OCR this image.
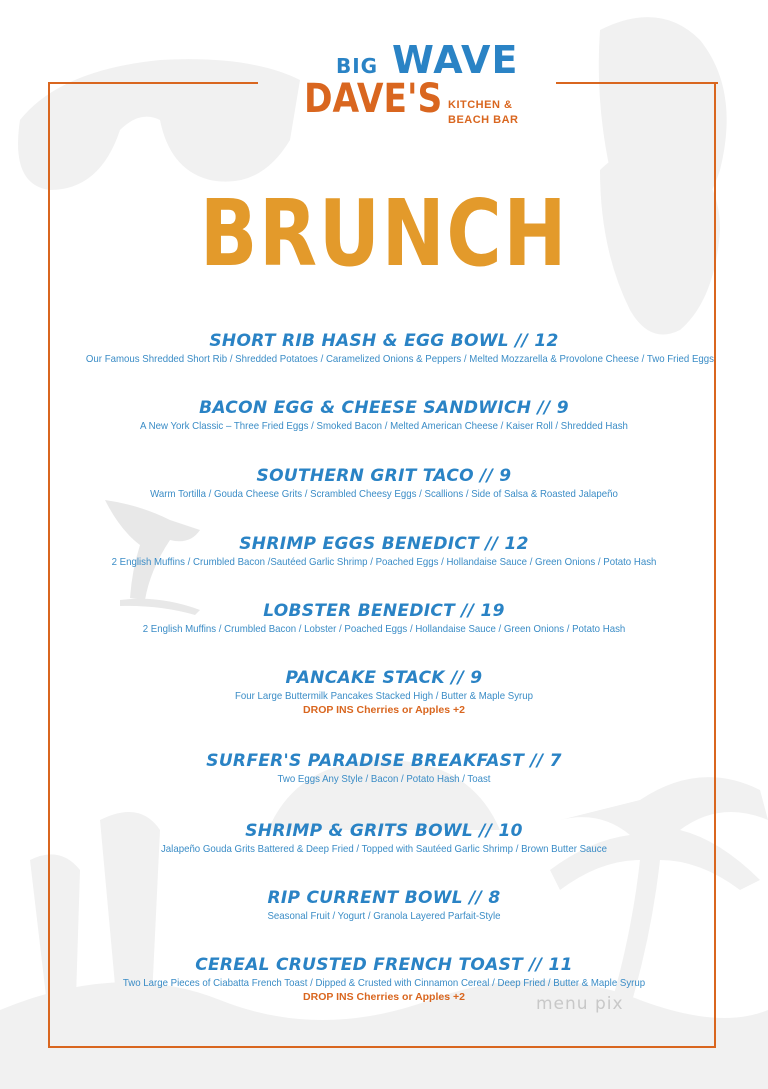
BIG WAVE
DAVE'S KITCHEN &
BEACH BAR
BRUNCH
SHORT RIB HASH & EGG BOWL // 12
Our Famous Shredded Short Rib / Shredded Potatoes / Caramelized Onions & Peppers / Melted Mozzarella & Provolone Cheese / Two Fried Eggs
BACON EGG & CHEESE SANDWICH // 9
A New York Classic – Three Fried Eggs / Smoked Bacon / Melted American Cheese / Kaiser Roll / Shredded Hash
SOUTHERN GRIT TACO // 9
Warm Tortilla / Gouda Cheese Grits / Scrambled Cheesy Eggs / Scallions / Side of Salsa & Roasted Jalapeño
SHRIMP EGGS BENEDICT // 12
2 English Muffins / Crumbled Bacon /Sautéed Garlic Shrimp / Poached Eggs / Hollandaise Sauce / Green Onions / Potato Hash
LOBSTER BENEDICT // 19
2 English Muffins / Crumbled Bacon / Lobster / Poached Eggs / Hollandaise Sauce / Green Onions / Potato Hash
PANCAKE STACK // 9
Four Large Buttermilk Pancakes Stacked High / Butter & Maple Syrup
DROP INS Cherries or Apples +2
SURFER'S PARADISE BREAKFAST // 7
Two Eggs Any Style / Bacon / Potato Hash / Toast
SHRIMP & GRITS BOWL // 10
Jalapeño Gouda Grits Battered & Deep Fried / Topped with Sautéed Garlic Shrimp / Brown Butter Sauce
RIP CURRENT BOWL // 8
Seasonal Fruit / Yogurt / Granola Layered Parfait-Style
CEREAL CRUSTED FRENCH TOAST // 11
Two Large Pieces of Ciabatta French Toast / Dipped & Crusted with Cinnamon Cereal / Deep Fried / Butter & Maple Syrup
DROP INS Cherries or Apples +2	menu pix
